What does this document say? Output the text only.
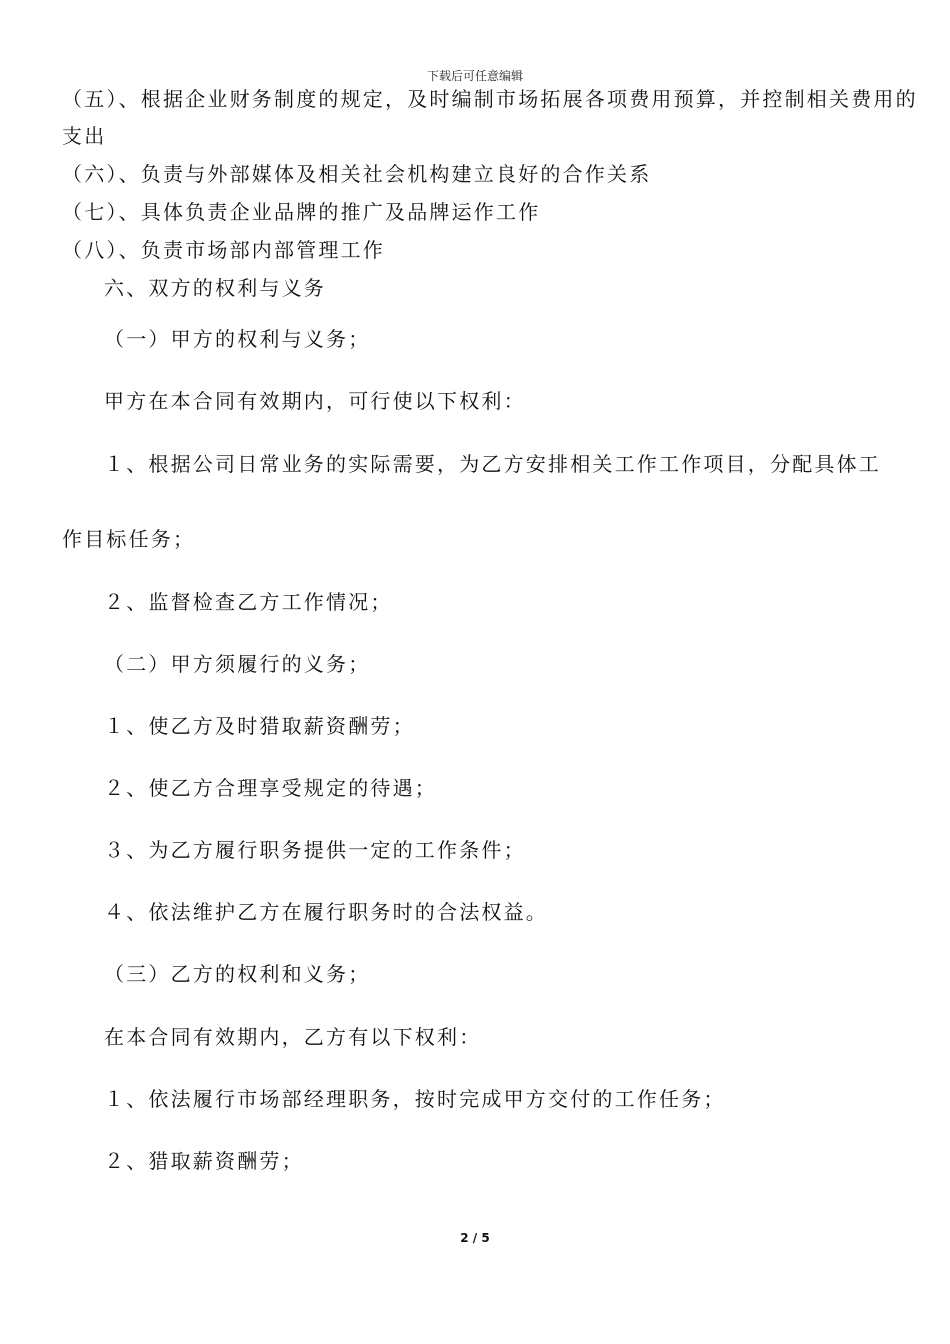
下载后可任意编辑
（五）、根据企业财务制度的规定，及时编制市场拓展各项费用预算，并控制相关费用的
支出
（六）、负责与外部媒体及相关社会机构建立良好的合作关系
（七）、具体负责企业品牌的推广及品牌运作工作
（八）、负责市场部内部管理工作
六、双方的权利与义务
（一）甲方的权利与义务；
甲方在本合同有效期内，可行使以下权利：
１、根据公司日常业务的实际需要，为乙方安排相关工作工作项目，分配具体工
作目标任务；
２、监督检查乙方工作情况；
（二）甲方须履行的义务；
１、使乙方及时猎取薪资酬劳；
２、使乙方合理享受规定的待遇；
３、为乙方履行职务提供一定的工作条件；
４、依法维护乙方在履行职务时的合法权益。
（三）乙方的权利和义务；
在本合同有效期内，乙方有以下权利：
１、依法履行市场部经理职务，按时完成甲方交付的工作任务；
２、猎取薪资酬劳；
2 / 5
